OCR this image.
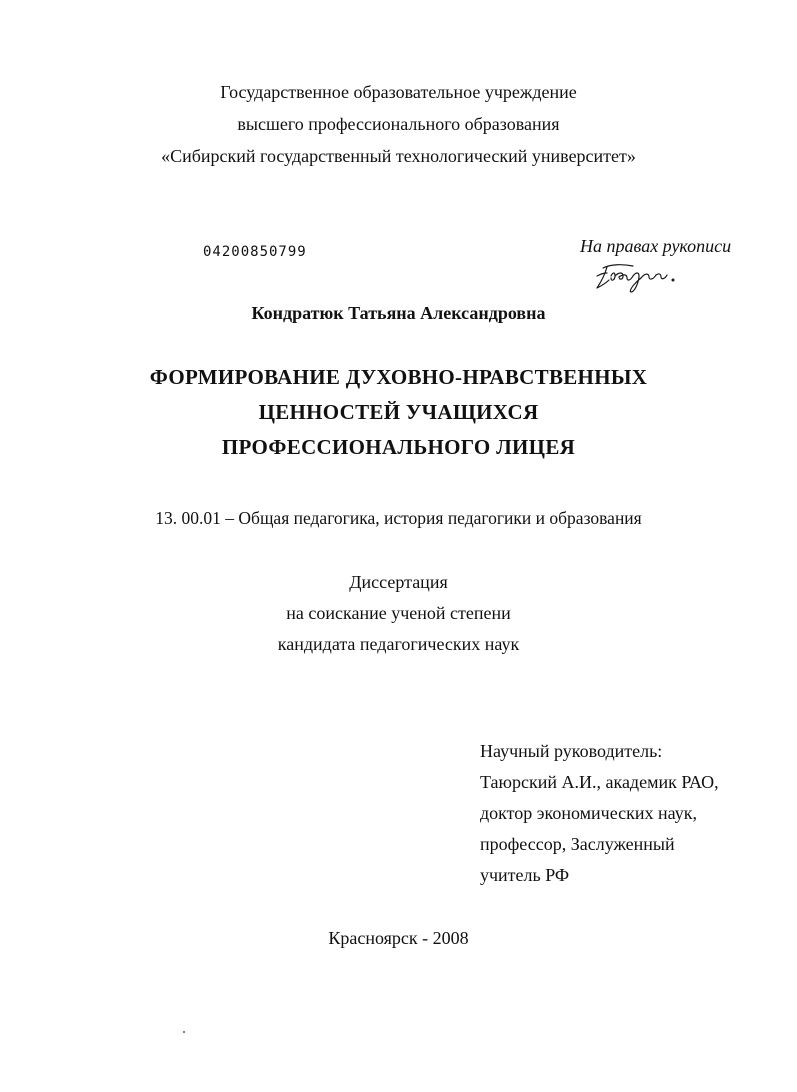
Государственное образовательное учреждение
высшего профессионального образования
«Сибирский государственный технологический университет»
04200850799	На правах рукописи
Кондратюк Татьяна Александровна
ФОРМИРОВАНИЕ ДУХОВНО-НРАВСТВЕННЫХ
ЦЕННОСТЕЙ УЧАЩИХСЯ
ПРОФЕССИОНАЛЬНОГО ЛИЦЕЯ
13. 00.01 – Общая педагогика, история педагогики и образования
Диссертация
на соискание ученой степени
кандидата педагогических наук
Научный руководитель:
Таюрский А.И., академик РАО,
доктор экономических наук,
профессор, Заслуженный
учитель РФ
Красноярск - 2008
